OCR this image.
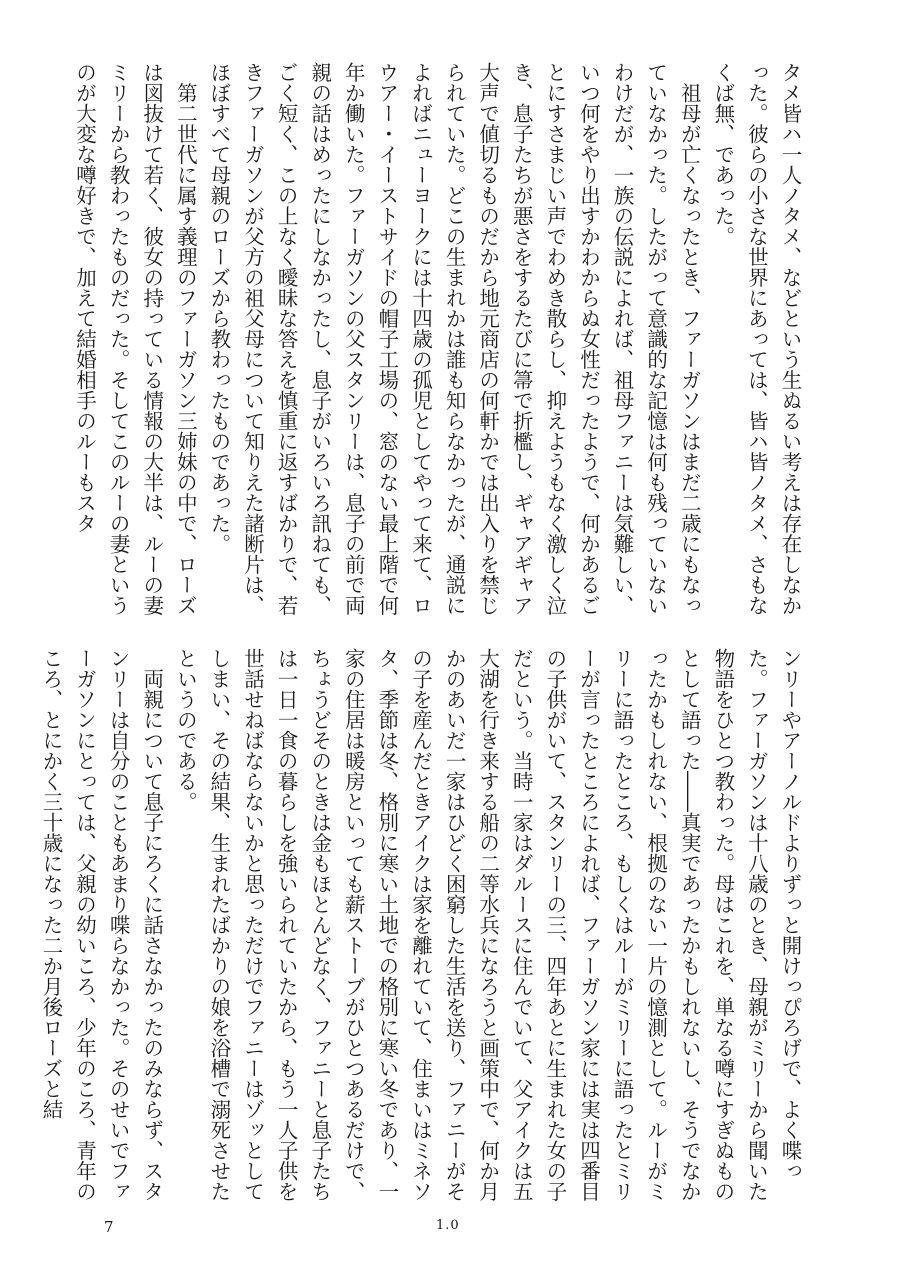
タメ皆ハ一人ノタメ、などという生ぬるい考えは存在しなかった。彼らの小さな世界にあっては、皆ハ皆ノタメ、さもなくば無、であった。

　祖母が亡くなったとき、ファーガソンはまだ二歳にもなっていなかった。したがって意識的な記憶は何も残っていないわけだが、一族の伝説によれば、祖母ファニーは気難しい、いつ何をやり出すかわからぬ女性だったようで、何かあるごとにすさまじい声でわめき散らし、抑えようもなく激しく泣き、息子たちが悪さをするたびに箒で折檻し、ギャアギャア大声で値切るものだから地元商店の何軒かでは出入りを禁じられていた。どこの生まれかは誰も知らなかったが、通説によればニューヨークには十四歳の孤児としてやって来て、ロウアー・イーストサイドの帽子工場の、窓のない最上階で何年か働いた。ファーガソンの父スタンリーは、息子の前で両親の話はめったにしなかったし、息子がいろいろ訊ねても、ごく短く、この上なく曖昧な答えを慎重に返すばかりで、若きファーガソンが父方の祖父母について知りえた諸断片は、ほぼすべて母親のローズから教わったものであった。

　第二世代に属す義理のファーガソン三姉妹の中で、ローズは図抜けて若く、彼女の持っている情報の大半は、ルーの妻ミリーから教わったものだった。そしてこのルーの妻というのが大変な噂好きで、加えて結婚相手のルーもスタ

ンリーやアーノルドよりずっと開けっぴろげで、よく喋った。ファーガソンは十八歳のとき、母親がミリーから聞いた物語をひとつ教わった。母はこれを、単なる噂にすぎぬものとして語った――真実であったかもしれないし、そうでなかったかもしれない、根拠のない一片の憶測として。ルーがミリーに語ったところ、もしくはルーがミリーに語ったとミリーが言ったところによれば、ファーガソン家には実は四番目の子供がいて、スタンリーの三、四年あとに生まれた女の子だという。当時一家はダルースに住んでいて、父アイクは五大湖を行き来する船の二等水兵になろうと画策中で、何か月かのあいだ一家はひどく困窮した生活を送り、ファニーがその子を産んだときアイクは家を離れていて、住まいはミネソタ、季節は冬、格別に寒い土地での格別に寒い冬であり、一家の住居は暖房といっても薪ストーブがひとつあるだけで、ちょうどそのときは金もほとんどなく、ファニーと息子たちは一日一食の暮らしを強いられていたから、もう一人子供を世話せねばならないかと思っただけでファニーはゾッとしてしまい、その結果、生まれたばかりの娘を浴槽で溺死させたというのである。

　両親について息子にろくに話さなかったのみならず、スタンリーは自分のこともあまり喋らなかった。そのせいでファーガソンにとっては、父親の幼いころ、少年のころ、青年のころ、とにかく三十歳になった二か月後ローズと結

7	1.0
